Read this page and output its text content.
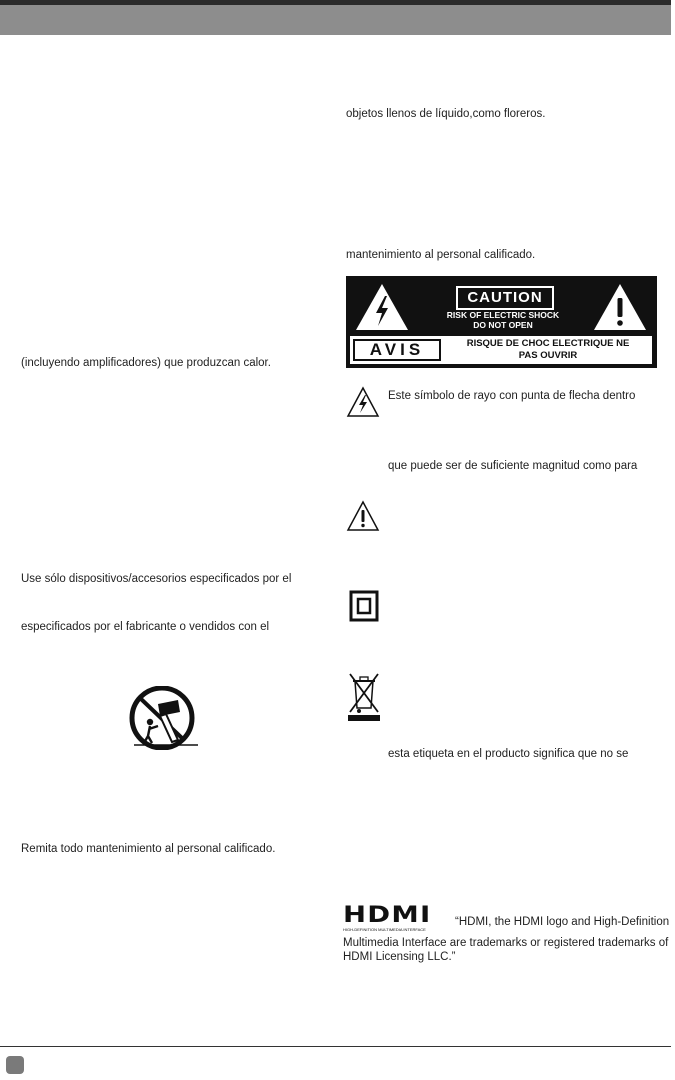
(incluyendo amplificadores) que produzcan calor.
Use sólo dispositivos/accesorios especificados por el
especificados por el fabricante o vendidos con el
Remita todo mantenimiento al personal calificado.
objetos llenos de líquido,como floreros.
mantenimiento al personal calificado.
CAUTION
RISK OF ELECTRIC SHOCK
DO NOT OPEN
AVIS	RISQUE DE CHOC ELECTRIQUE NE
PAS OUVRIR
Este símbolo de rayo con punta de flecha dentro
que puede ser de suficiente magnitud como para
esta etiqueta en el producto significa que no se
HDMI
HIGH-DEFINITION MULTIMEDIA INTERFACE
“HDMI, the HDMI logo and High-Definition
Multimedia Interface are trademarks or registered trademarks of
HDMI Licensing LLC.”
